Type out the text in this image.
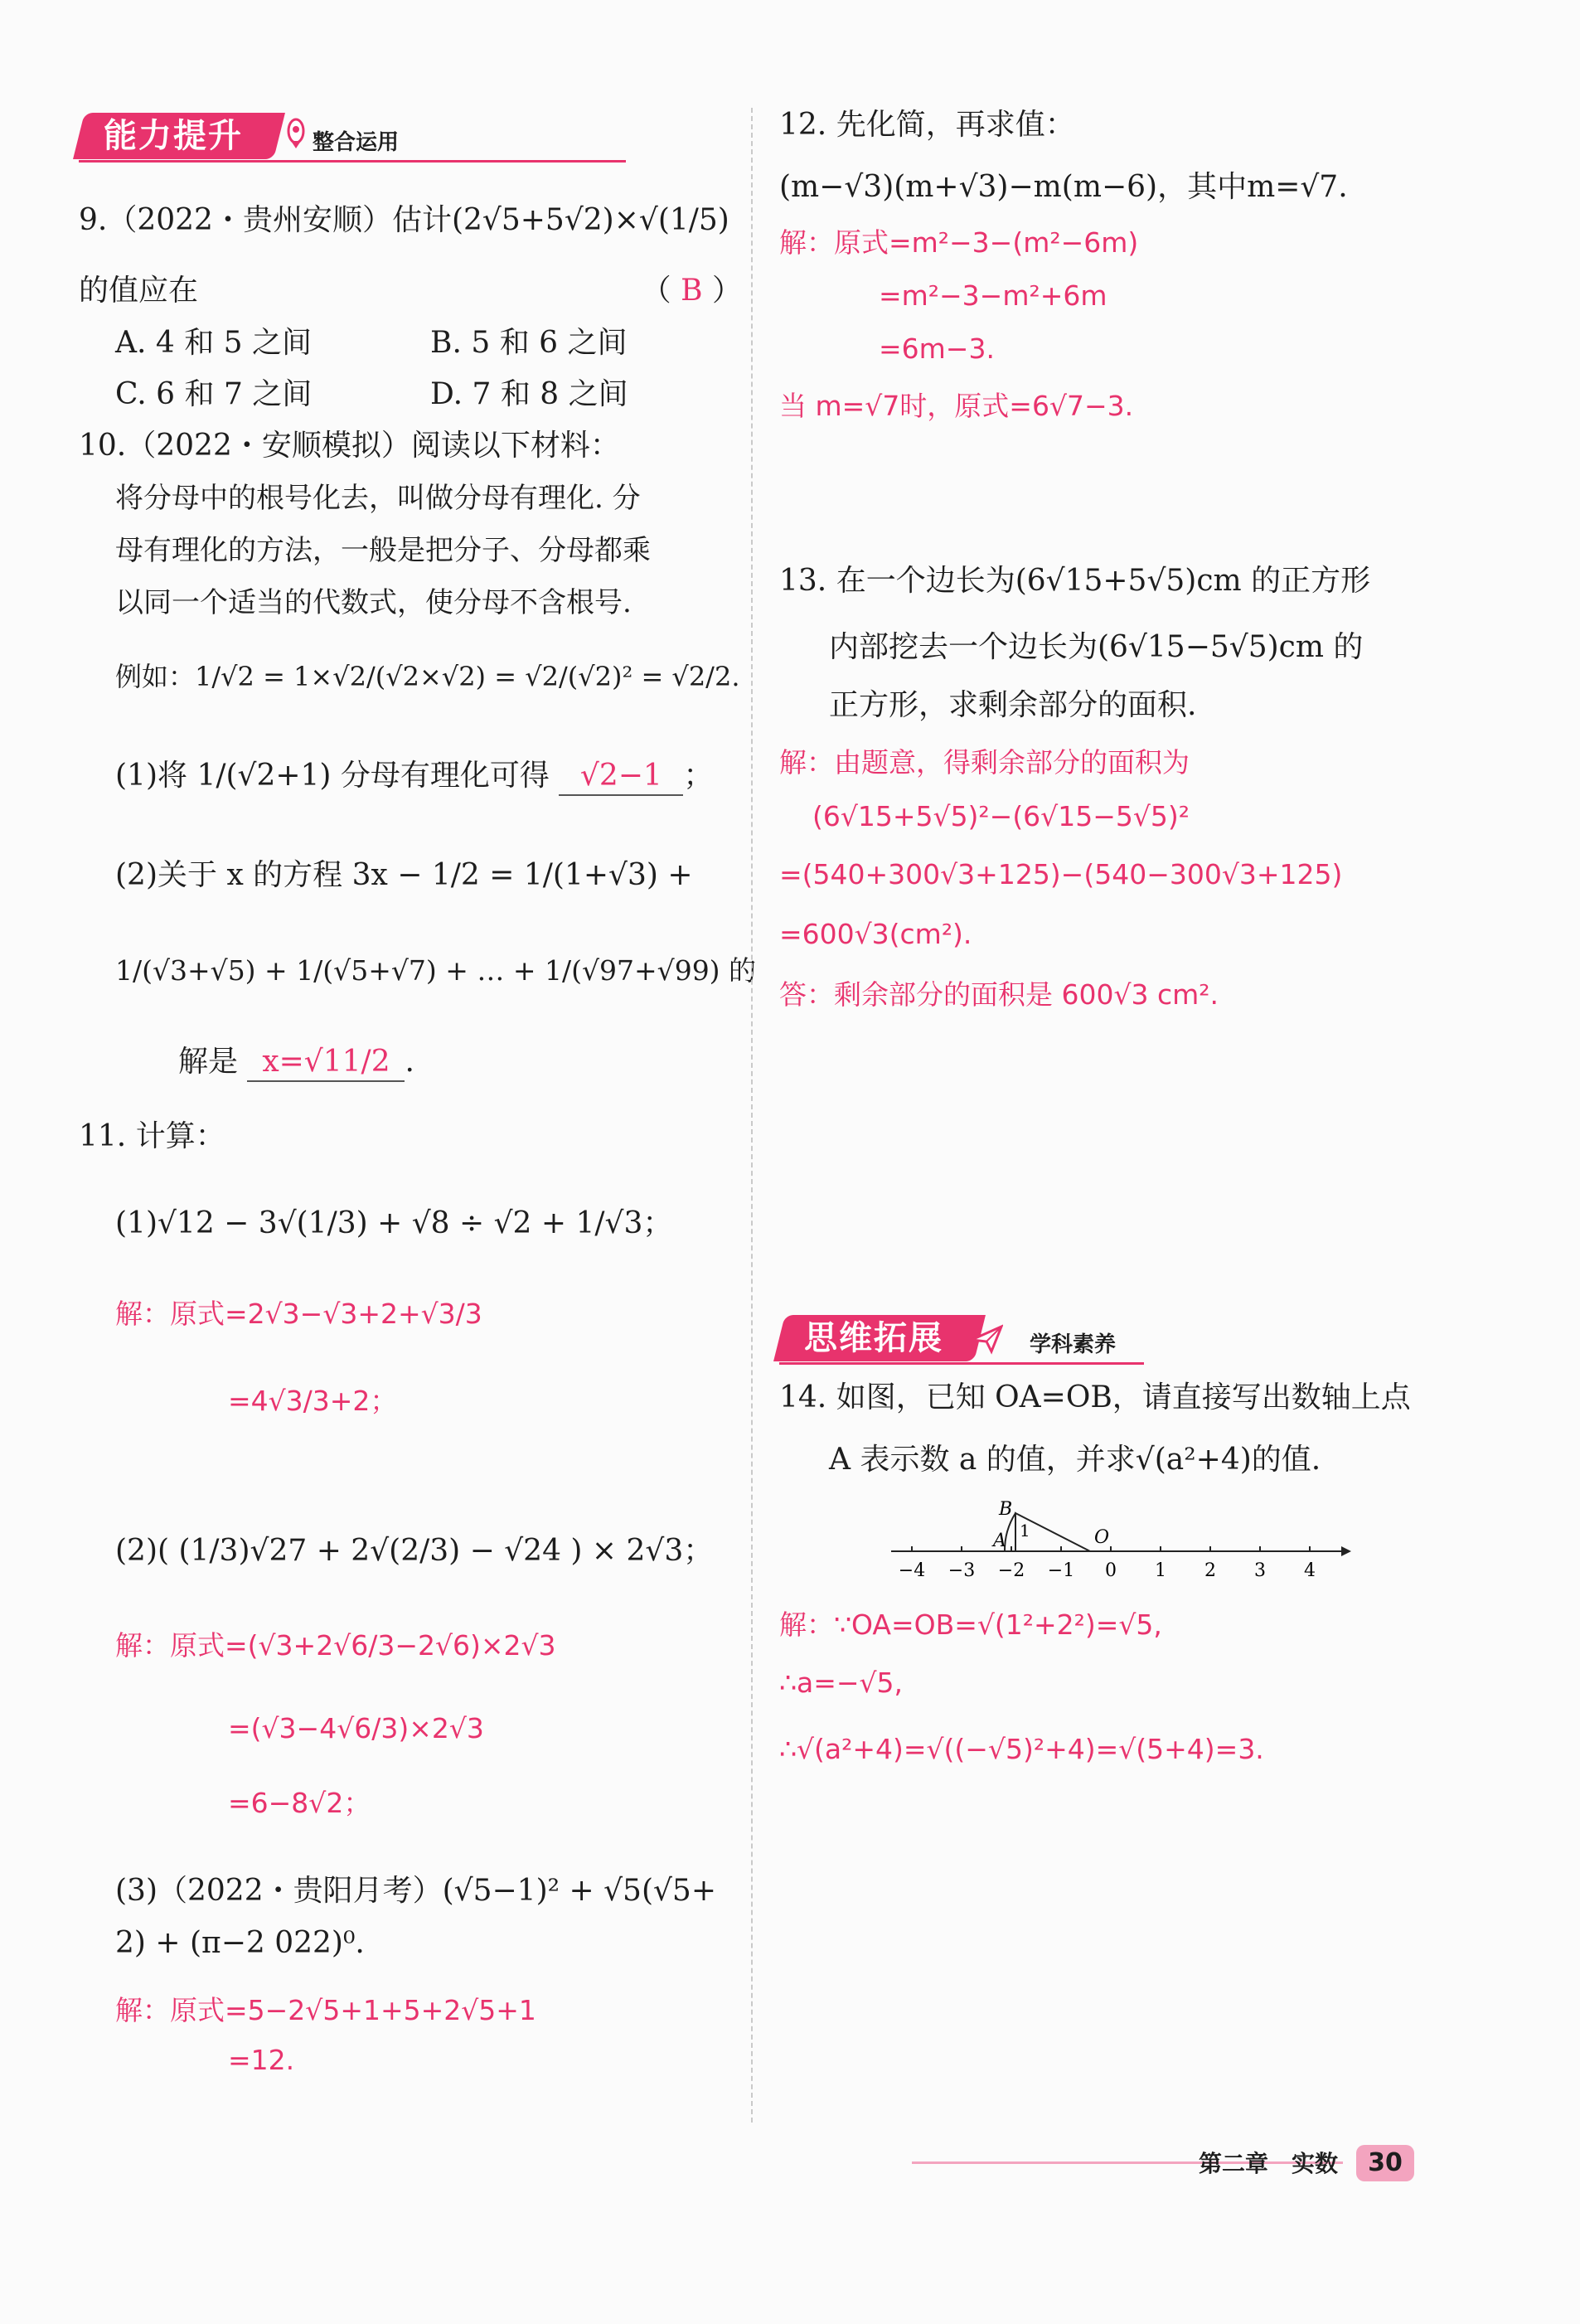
能力提升	整合运用
9.（2022・贵州安顺）估计(2√5+5√2)×√(1/5)
的值应在	（ B ）
A. 4 和 5 之间	B. 5 和 6 之间
C. 6 和 7 之间	D. 7 和 8 之间
10.（2022・安顺模拟）阅读以下材料：
将分母中的根号化去，叫做分母有理化. 分
母有理化的方法，一般是把分子、分母都乘
以同一个适当的代数式，使分母不含根号.
例如：1/√2 = 1×√2/(√2×√2) = √2/(√2)² = √2/2.
(1)将 1/(√2+1) 分母有理化可得 √2−1 ；
(2)关于 x 的方程 3x − 1/2 = 1/(1+√3) +
1/(√3+√5) + 1/(√5+√7) + … + 1/(√97+√99) 的
解是 x=√11/2 .
11. 计算：
(1)√12 − 3√(1/3) + √8 ÷ √2 + 1/√3；
解：原式=2√3−√3+2+√3/3
=4√3/3+2；
(2)( (1/3)√27 + 2√(2/3) − √24 ) × 2√3；
解：原式=(√3+2√6/3−2√6)×2√3
=(√3−4√6/3)×2√3
=6−8√2；
(3)（2022・贵阳月考）(√5−1)² + √5(√5+
2) + (π−2 022)⁰.
解：原式=5−2√5+1+5+2√5+1
=12.
12. 先化简，再求值：
(m−√3)(m+√3)−m(m−6)，其中m=√7.
解：原式=m²−3−(m²−6m)
=m²−3−m²+6m
=6m−3.
当 m=√7时，原式=6√7−3.
13. 在一个边长为(6√15+5√5)cm 的正方形
内部挖去一个边长为(6√15−5√5)cm 的
正方形，求剩余部分的面积.
解：由题意，得剩余部分的面积为
(6√15+5√5)²−(6√15−5√5)²
=(540+300√3+125)−(540−300√3+125)
=600√3(cm²).
答：剩余部分的面积是 600√3 cm².
思维拓展	学科素养
14. 如图，已知 OA=OB，请直接写出数轴上点
A 表示数 a 的值，并求√(a²+4)的值.
−4 −3 −2 −1 0 1 2 3 4
B
A	O
1
解：∵OA=OB=√(1²+2²)=√5,
∴a=−√5,
∴√(a²+4)=√((−√5)²+4)=√(5+4)=3.
第二章　实数	30
